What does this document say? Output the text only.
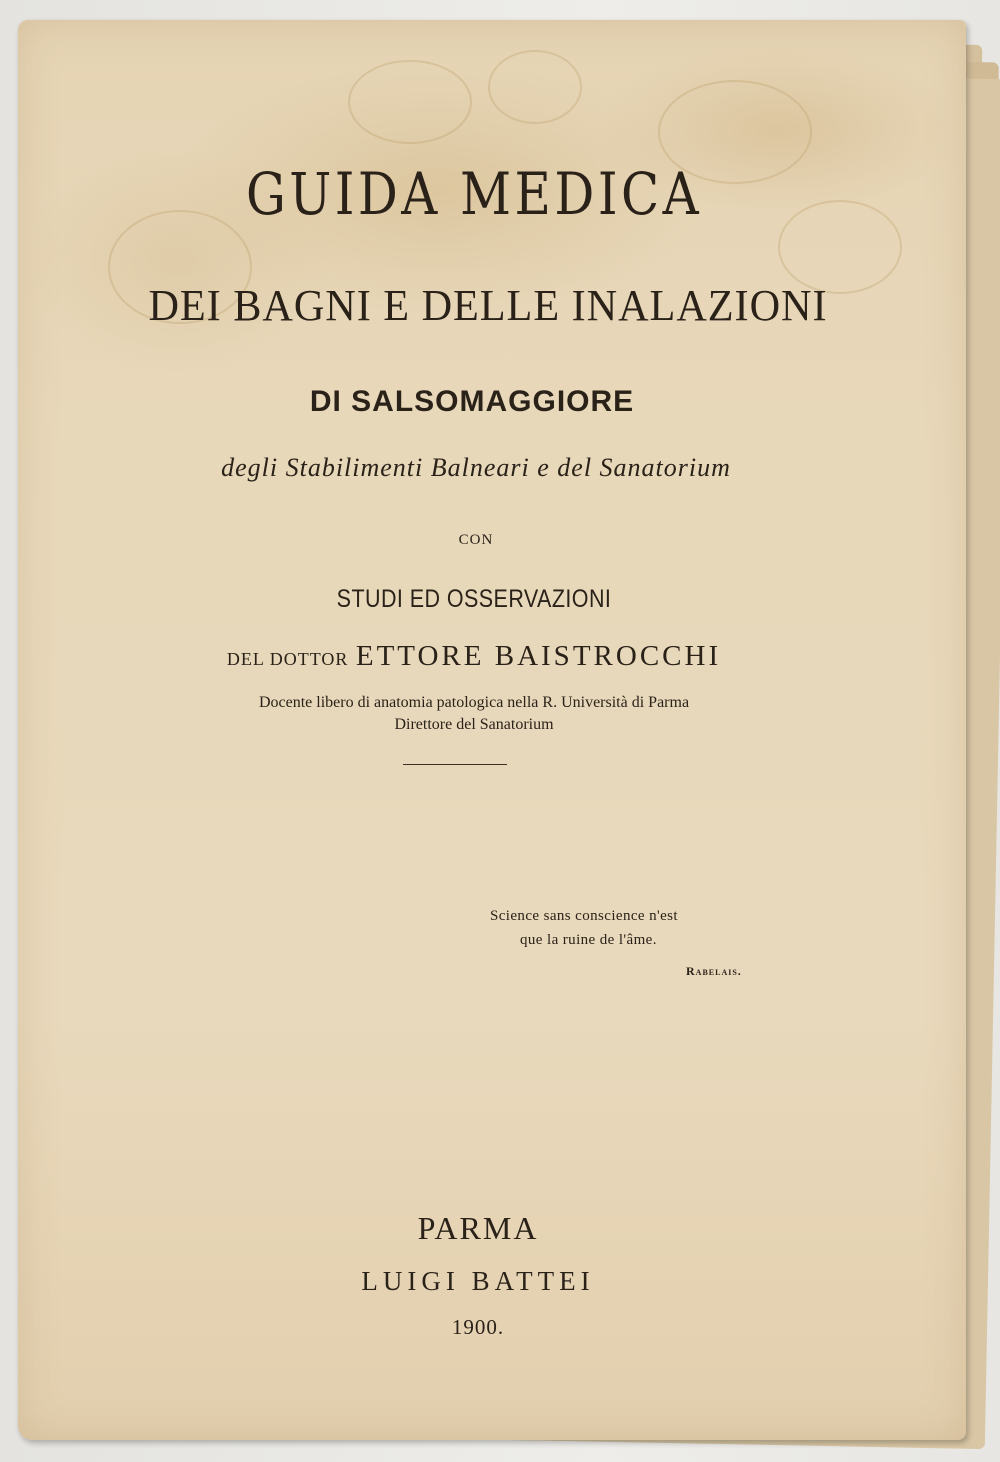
GUIDA MEDICA
DEI BAGNI E DELLE INALAZIONI
DI SALSOMAGGIORE
degli Stabilimenti Balneari e del Sanatorium
CON
STUDI ED OSSERVAZIONI
DEL DOTTOR ETTORE BAISTROCCHI
Docente libero di anatomia patologica nella R. Università di Parma
Direttore del Sanatorium
Science sans conscience n'est
que la ruine de l'âme.
Rabelais.
PARMA
LUIGI BATTEI
1900.
